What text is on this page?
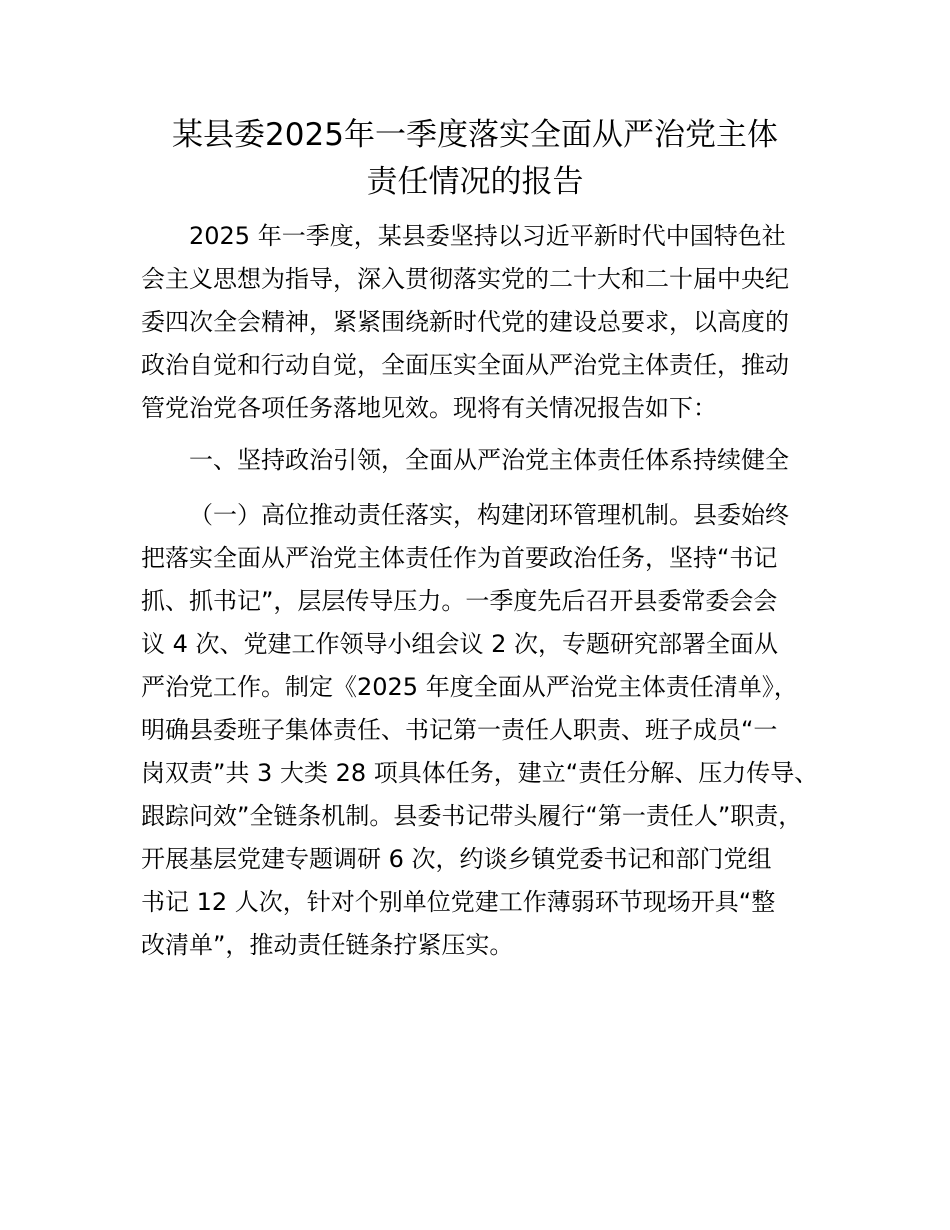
某县委2025年一季度落实全面从严治党主体
责任情况的报告
2025 年一季度，某县委坚持以习近平新时代中国特色社
会主义思想为指导，深入贯彻落实党的二十大和二十届中央纪
委四次全会精神，紧紧围绕新时代党的建设总要求，以高度的
政治自觉和行动自觉，全面压实全面从严治党主体责任，推动
管党治党各项任务落地见效。现将有关情况报告如下：
一、坚持政治引领，全面从严治党主体责任体系持续健全
（一）高位推动责任落实，构建闭环管理机制。县委始终
把落实全面从严治党主体责任作为首要政治任务，坚持“书记
抓、抓书记”，层层传导压力。一季度先后召开县委常委会会
议 4 次、党建工作领导小组会议 2 次，专题研究部署全面从
严治党工作。制定《2025 年度全面从严治党主体责任清单》，
明确县委班子集体责任、书记第一责任人职责、班子成员“一
岗双责”共 3 大类 28 项具体任务，建立“责任分解、压力传导、
跟踪问效”全链条机制。县委书记带头履行“第一责任人”职责，
开展基层党建专题调研 6 次，约谈乡镇党委书记和部门党组
书记 12 人次，针对个别单位党建工作薄弱环节现场开具“整
改清单”，推动责任链条拧紧压实。
